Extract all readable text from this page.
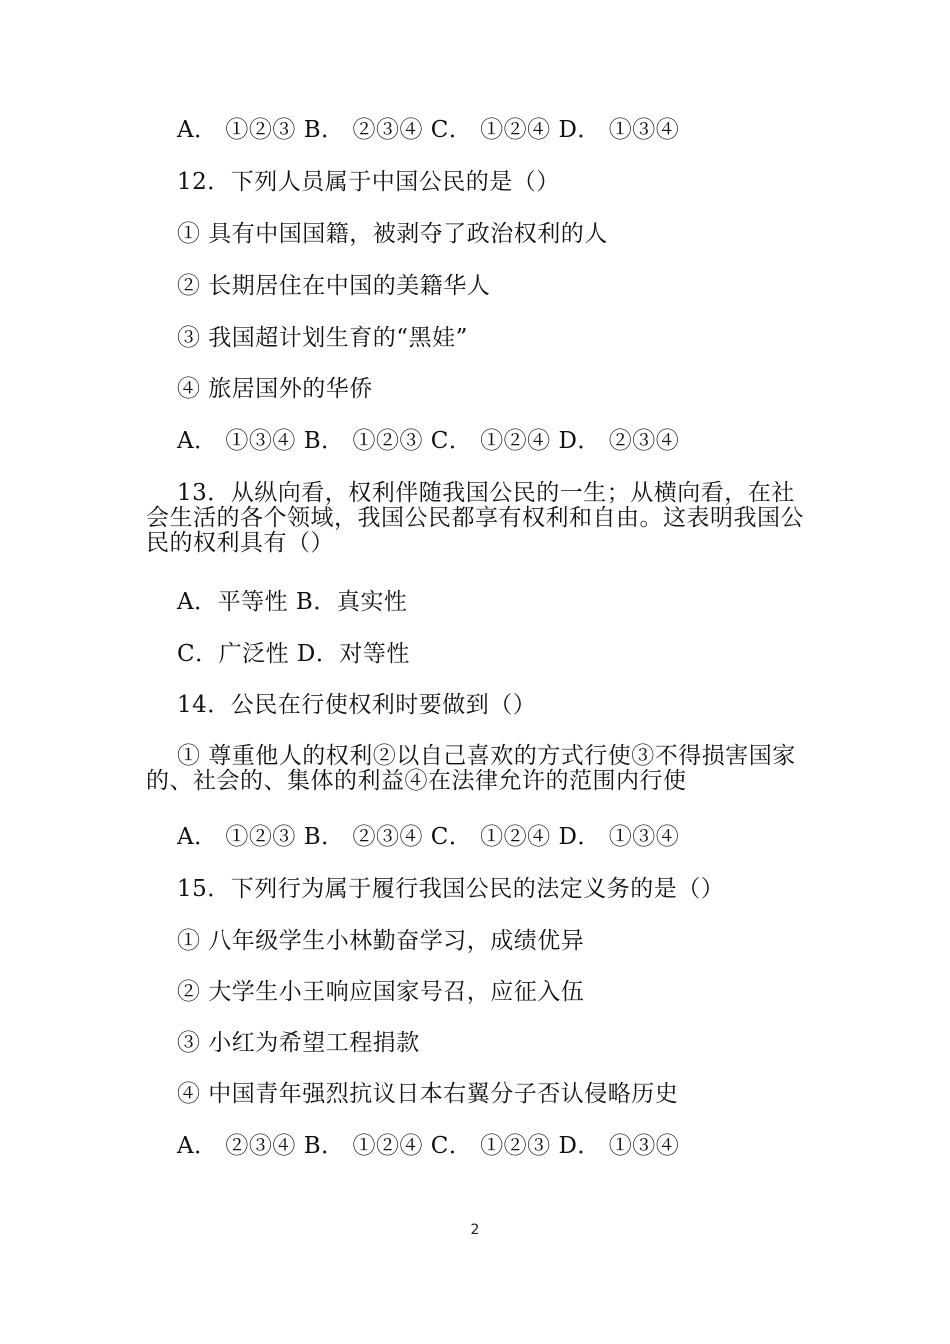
A． ①②③ B． ②③④ C． ①②④ D． ①③④
12．下列人员属于中国公民的是（）
① 具有中国国籍，被剥夺了政治权利的人
② 长期居住在中国的美籍华人
③ 我国超计划生育的“黑娃”
④ 旅居国外的华侨
A． ①③④ B． ①②③ C． ①②④ D． ②③④
13．从纵向看，权利伴随我国公民的一生；从横向看，在社会生活的各个领域，我国公民都享有权利和自由。这表明我国公民的权利具有（）
A．平等性 B．真实性
C．广泛性 D．对等性
14．公民在行使权利时要做到（）
① 尊重他人的权利②以自己喜欢的方式行使③不得损害国家的、社会的、集体的利益④在法律允许的范围内行使
A． ①②③ B． ②③④ C． ①②④ D． ①③④
15．下列行为属于履行我国公民的法定义务的是（）
① 八年级学生小林勤奋学习，成绩优异
② 大学生小王响应国家号召，应征入伍
③ 小红为希望工程捐款
④ 中国青年强烈抗议日本右翼分子否认侵略历史
A． ②③④ B． ①②④ C． ①②③ D． ①③④
2
